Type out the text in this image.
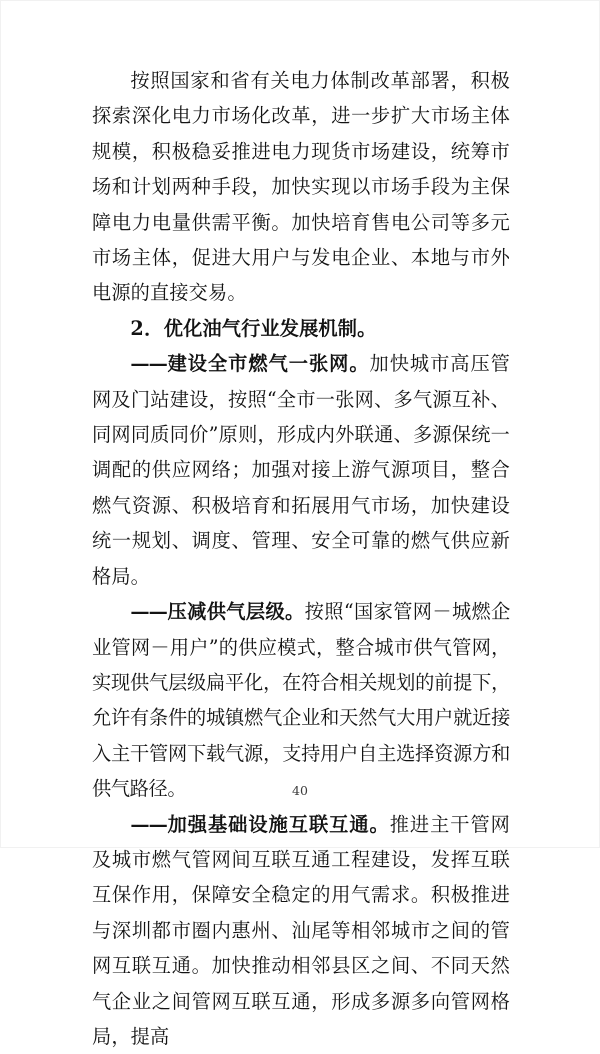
按照国家和省有关电力体制改革部署，积极探索深化电力市场化改革，进一步扩大市场主体规模，积极稳妥推进电力现货市场建设，统筹市场和计划两种手段，加快实现以市场手段为主保障电力电量供需平衡。加快培育售电公司等多元市场主体，促进大用户与发电企业、本地与市外电源的直接交易。

2．优化油气行业发展机制。

——建设全市燃气一张网。加快城市高压管网及门站建设，按照“全市一张网、多气源互补、同网同质同价”原则，形成内外联通、多源保统一调配的供应网络；加强对接上游气源项目，整合燃气资源、积极培育和拓展用气市场，加快建设统一规划、调度、管理、安全可靠的燃气供应新格局。

——压减供气层级。按照“国家管网－城燃企业管网－用户”的供应模式，整合城市供气管网，实现供气层级扁平化，在符合相关规划的前提下，允许有条件的城镇燃气企业和天然气大用户就近接入主干管网下载气源，支持用户自主选择资源方和供气路径。

——加强基础设施互联互通。推进主干管网及城市燃气管网间互联互通工程建设，发挥互联互保作用，保障安全稳定的用气需求。积极推进与深圳都市圈内惠州、汕尾等相邻城市之间的管网互联互通。加快推动相邻县区之间、不同天然气企业之间管网互联互通，形成多源多向管网格局，提高

40
